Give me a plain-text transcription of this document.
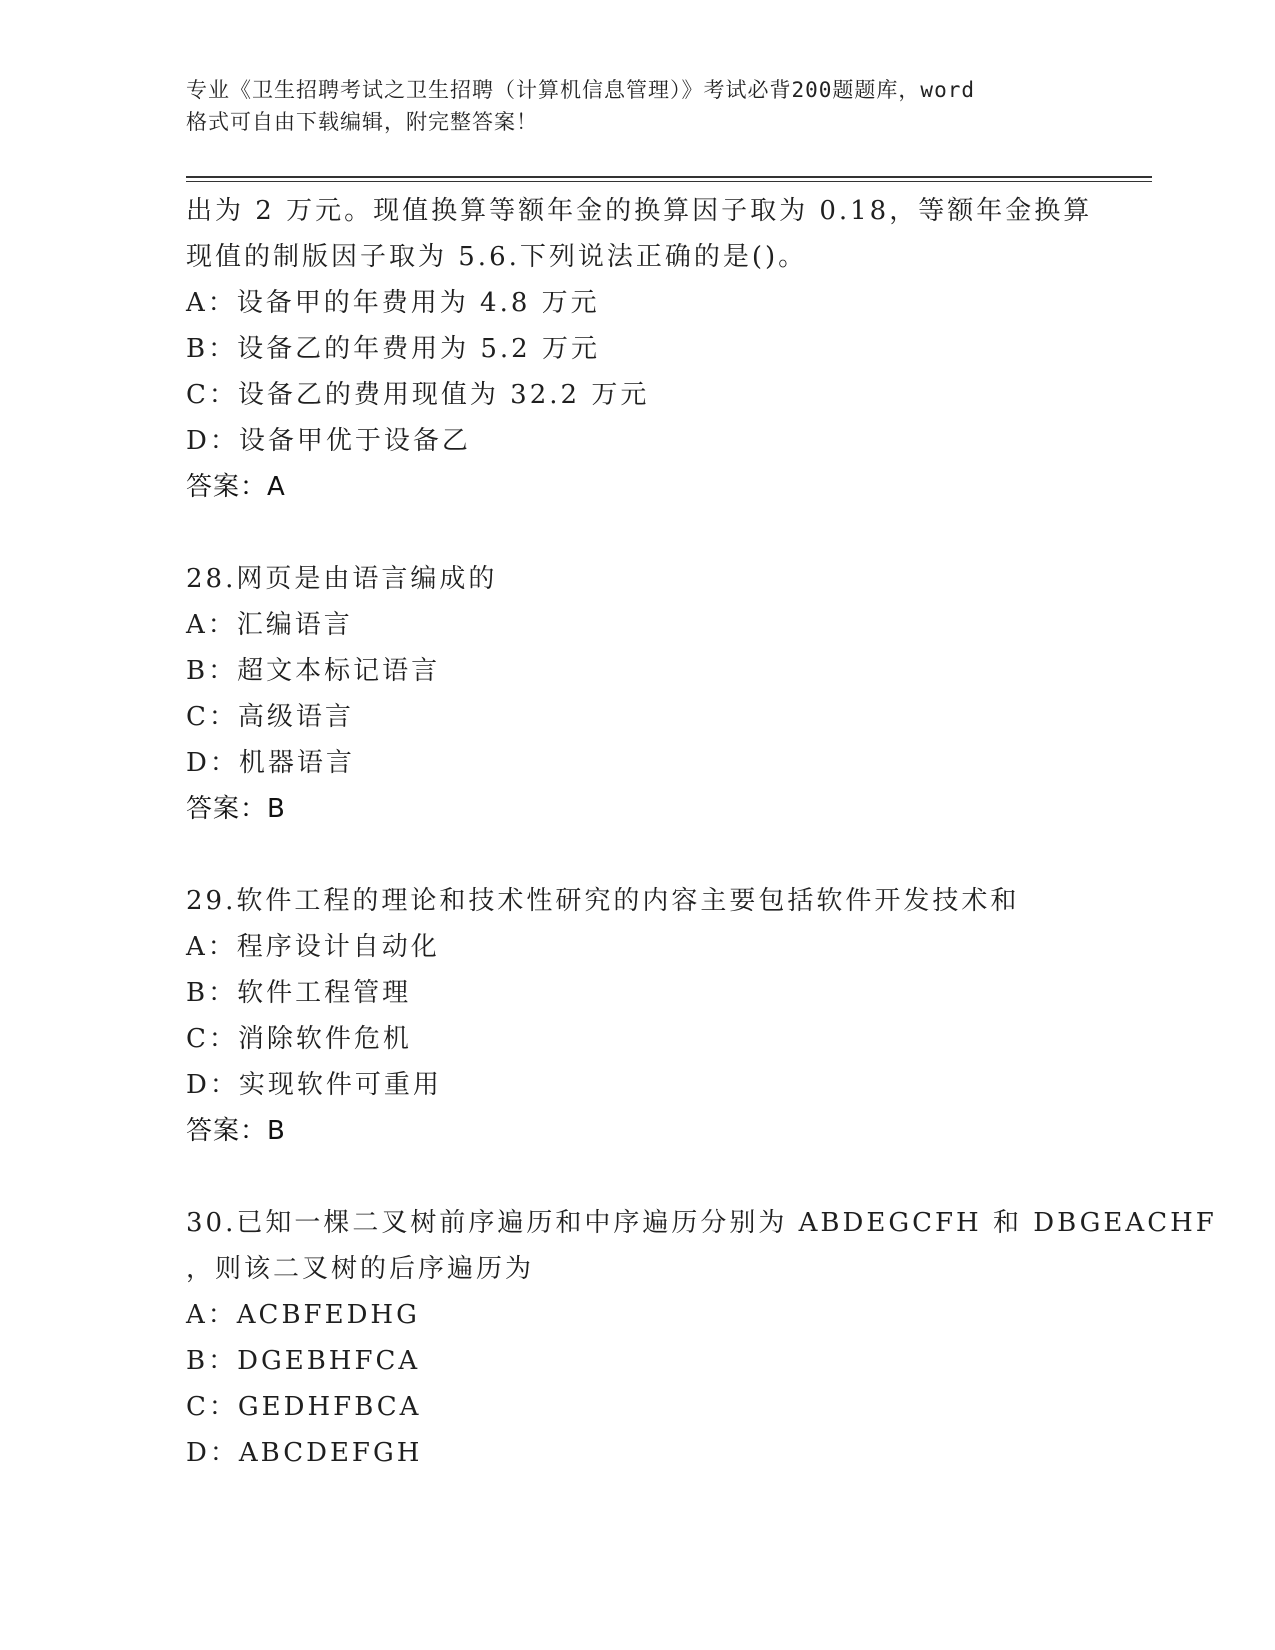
专业《卫生招聘考试之卫生招聘（计算机信息管理）》考试必背200题题库，word
格式可自由下载编辑，附完整答案！
出为 2 万元。现值换算等额年金的换算因子取为 0.18，等额年金换算
现值的制版因子取为 5.6.下列说法正确的是()。
A：设备甲的年费用为 4.8 万元
B：设备乙的年费用为 5.2 万元
C：设备乙的费用现值为 32.2 万元
D：设备甲优于设备乙
答案：A
28.网页是由语言编成的
A：汇编语言
B：超文本标记语言
C：高级语言
D：机器语言
答案：B
29.软件工程的理论和技术性研究的内容主要包括软件开发技术和
A：程序设计自动化
B：软件工程管理
C：消除软件危机
D：实现软件可重用
答案：B
30.已知一棵二叉树前序遍历和中序遍历分别为 ABDEGCFH 和 DBGEACHF
，则该二叉树的后序遍历为
A：ACBFEDHG
B：DGEBHFCA
C：GEDHFBCA
D：ABCDEFGH
